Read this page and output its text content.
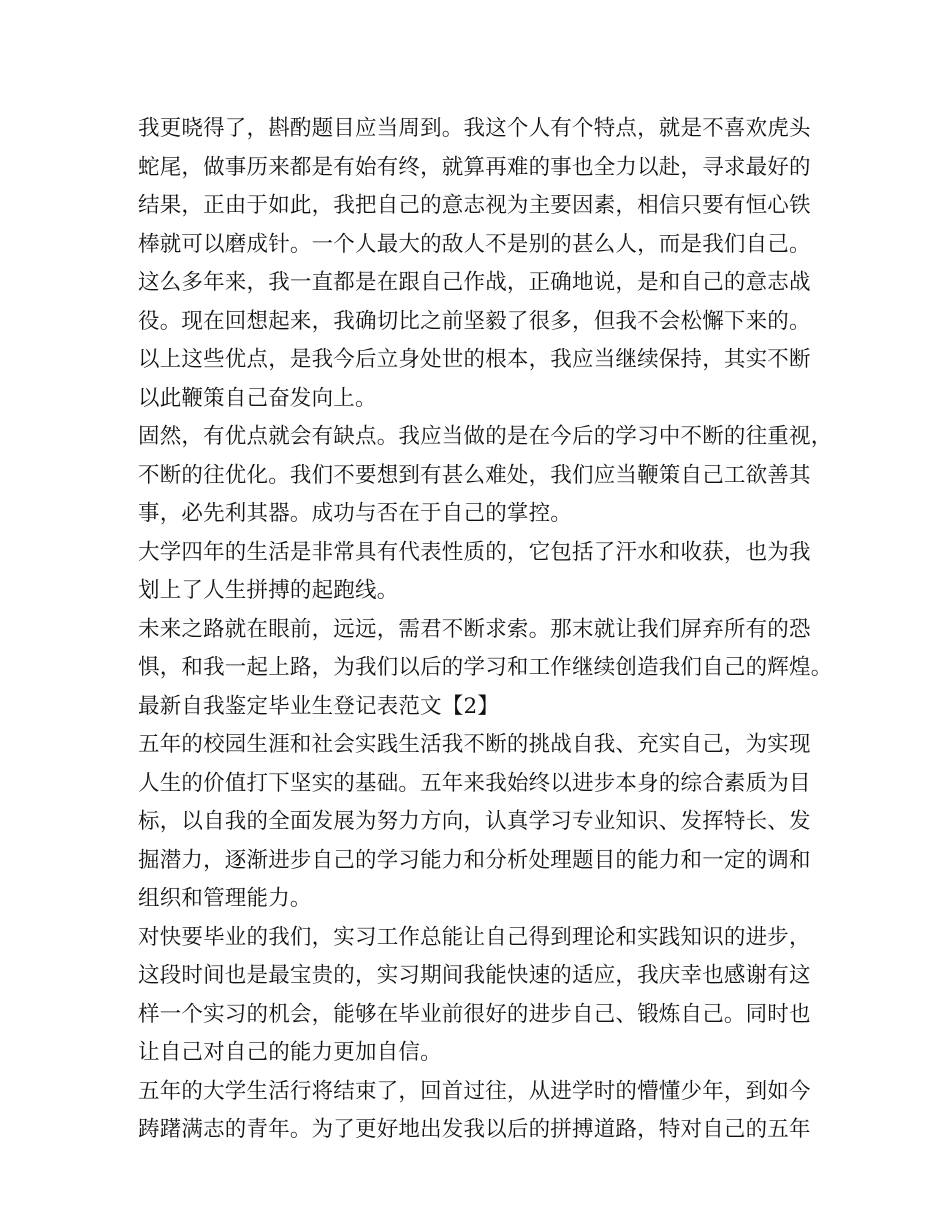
我更晓得了，斟酌题目应当周到。我这个人有个特点，就是不喜欢虎头
蛇尾，做事历来都是有始有终，就算再难的事也全力以赴，寻求最好的
结果，正由于如此，我把自己的意志视为主要因素，相信只要有恒心铁
棒就可以磨成针。一个人最大的敌人不是别的甚么人，而是我们自己。
这么多年来，我一直都是在跟自己作战，正确地说，是和自己的意志战
役。现在回想起来，我确切比之前坚毅了很多，但我不会松懈下来的。
以上这些优点，是我今后立身处世的根本，我应当继续保持，其实不断
以此鞭策自己奋发向上。
固然，有优点就会有缺点。我应当做的是在今后的学习中不断的往重视，
不断的往优化。我们不要想到有甚么难处，我们应当鞭策自己工欲善其
事，必先利其器。成功与否在于自己的掌控。
大学四年的生活是非常具有代表性质的，它包括了汗水和收获，也为我
划上了人生拼搏的起跑线。
未来之路就在眼前，远远，需君不断求索。那末就让我们屏弃所有的恐
惧，和我一起上路，为我们以后的学习和工作继续创造我们自己的辉煌。
最新自我鉴定毕业生登记表范文【2】
五年的校园生涯和社会实践生活我不断的挑战自我、充实自己，为实现
人生的价值打下坚实的基础。五年来我始终以进步本身的综合素质为目
标，以自我的全面发展为努力方向，认真学习专业知识、发挥特长、发
掘潜力，逐渐进步自己的学习能力和分析处理题目的能力和一定的调和
组织和管理能力。
对快要毕业的我们，实习工作总能让自己得到理论和实践知识的进步，
这段时间也是最宝贵的，实习期间我能快速的适应，我庆幸也感谢有这
样一个实习的机会，能够在毕业前很好的进步自己、锻炼自己。同时也
让自己对自己的能力更加自信。
五年的大学生活行将结束了，回首过往，从进学时的懵懂少年，到如今
踌躇满志的青年。为了更好地出发我以后的拼搏道路，特对自己的五年
